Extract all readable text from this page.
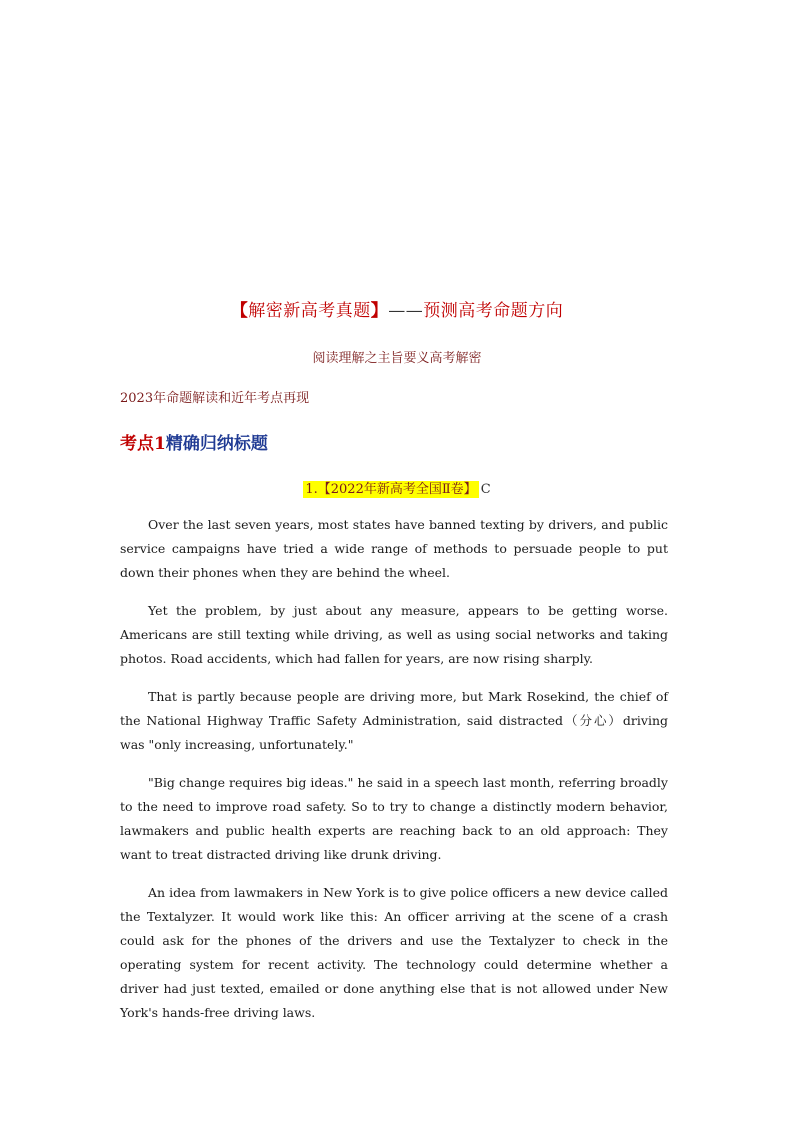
【解密新高考真题】——预测高考命题方向
阅读理解之主旨要义高考解密
2023年命题解读和近年考点再现
考点1精确归纳标题
1.【2022年新高考全国Ⅱ卷】 C

Over the last seven years, most states have banned texting by drivers, and public service campaigns have tried a wide range of methods to persuade people to put down their phones when they are behind the wheel.

Yet the problem, by just about any measure, appears to be getting worse. Americans are still texting while driving, as well as using social networks and taking photos. Road accidents, which had fallen for years, are now rising sharply.

That is partly because people are driving more, but Mark Rosekind, the chief of the National Highway Traffic Safety Administration, said distracted（分心）driving was "only increasing, unfortunately."

"Big change requires big ideas." he said in a speech last month, referring broadly to the need to improve road safety. So to try to change a distinctly modern behavior, lawmakers and public health experts are reaching back to an old approach: They want to treat distracted driving like drunk driving.

An idea from lawmakers in New York is to give police officers a new device called the Textalyzer. It would work like this: An officer arriving at the scene of a crash could ask for the phones of the drivers and use the Textalyzer to check in the operating system for recent activity. The technology could determine whether a driver had just texted, emailed or done anything else that is not allowed under New York's hands-free driving laws.
